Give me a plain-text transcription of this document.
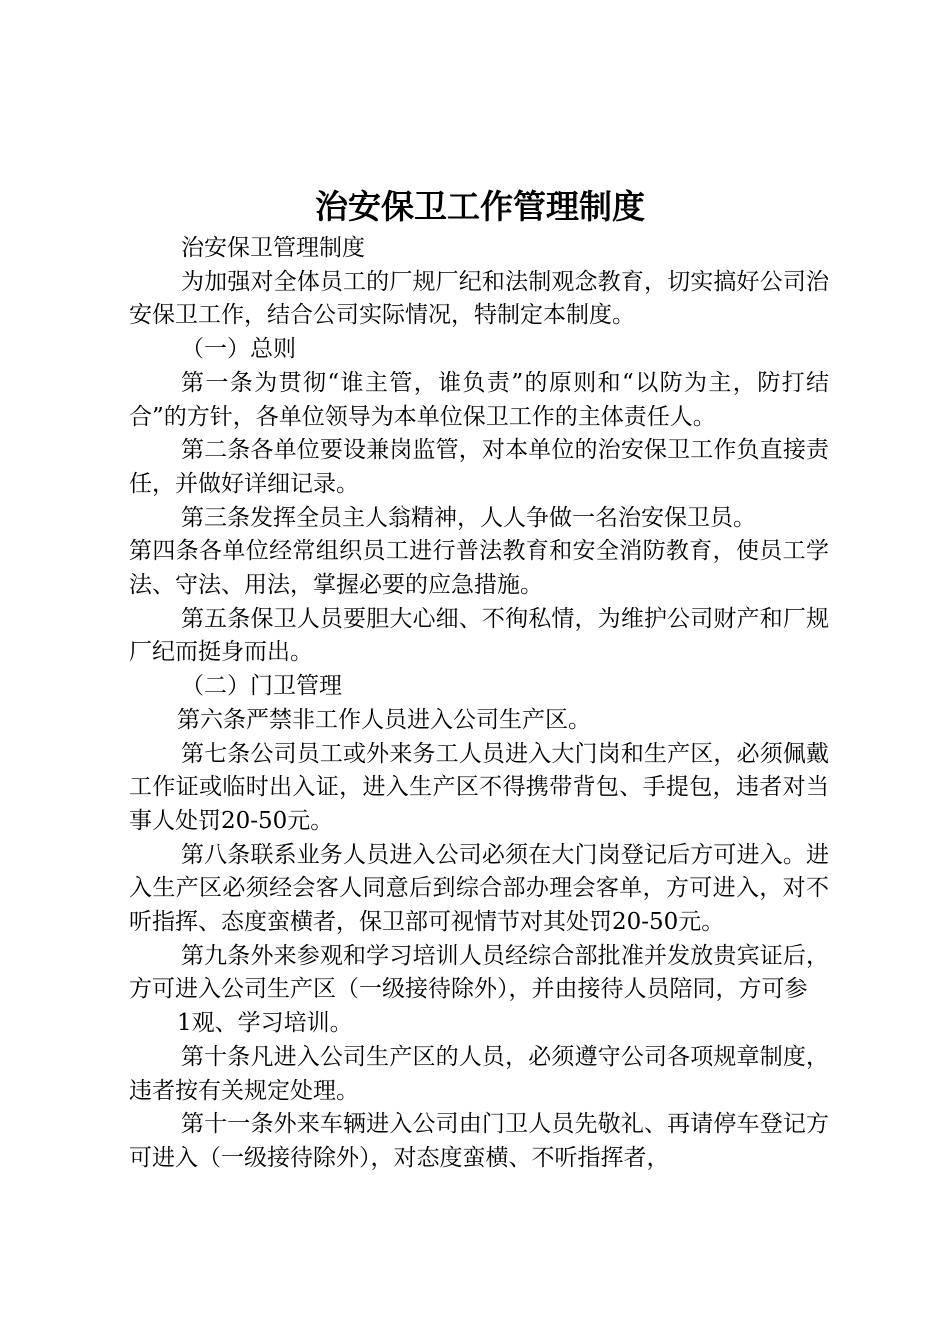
治安保卫工作管理制度

治安保卫管理制度

为加强对全体员工的厂规厂纪和法制观念教育，切实搞好公司治安保卫工作，结合公司实际情况，特制定本制度。

（一）总则

第一条为贯彻“谁主管，谁负责”的原则和“以防为主，防打结合”的方针，各单位领导为本单位保卫工作的主体责任人。

第二条各单位要设兼岗监管，对本单位的治安保卫工作负直接责任，并做好详细记录。

第三条发挥全员主人翁精神，人人争做一名治安保卫员。

第四条各单位经常组织员工进行普法教育和安全消防教育，使员工学法、守法、用法，掌握必要的应急措施。

第五条保卫人员要胆大心细、不徇私情，为维护公司财产和厂规厂纪而挺身而出。

（二）门卫管理

第六条严禁非工作人员进入公司生产区。

第七条公司员工或外来务工人员进入大门岗和生产区，必须佩戴工作证或临时出入证，进入生产区不得携带背包、手提包，违者对当事人处罚20-50元。

第八条联系业务人员进入公司必须在大门岗登记后方可进入。进入生产区必须经会客人同意后到综合部办理会客单，方可进入，对不听指挥、态度蛮横者，保卫部可视情节对其处罚20-50元。

第九条外来参观和学习培训人员经综合部批准并发放贵宾证后，方可进入公司生产区（一级接待除外），并由接待人员陪同，方可参

1观、学习培训。

第十条凡进入公司生产区的人员，必须遵守公司各项规章制度，违者按有关规定处理。

第十一条外来车辆进入公司由门卫人员先敬礼、再请停车登记方可进入（一级接待除外），对态度蛮横、不听指挥者，
